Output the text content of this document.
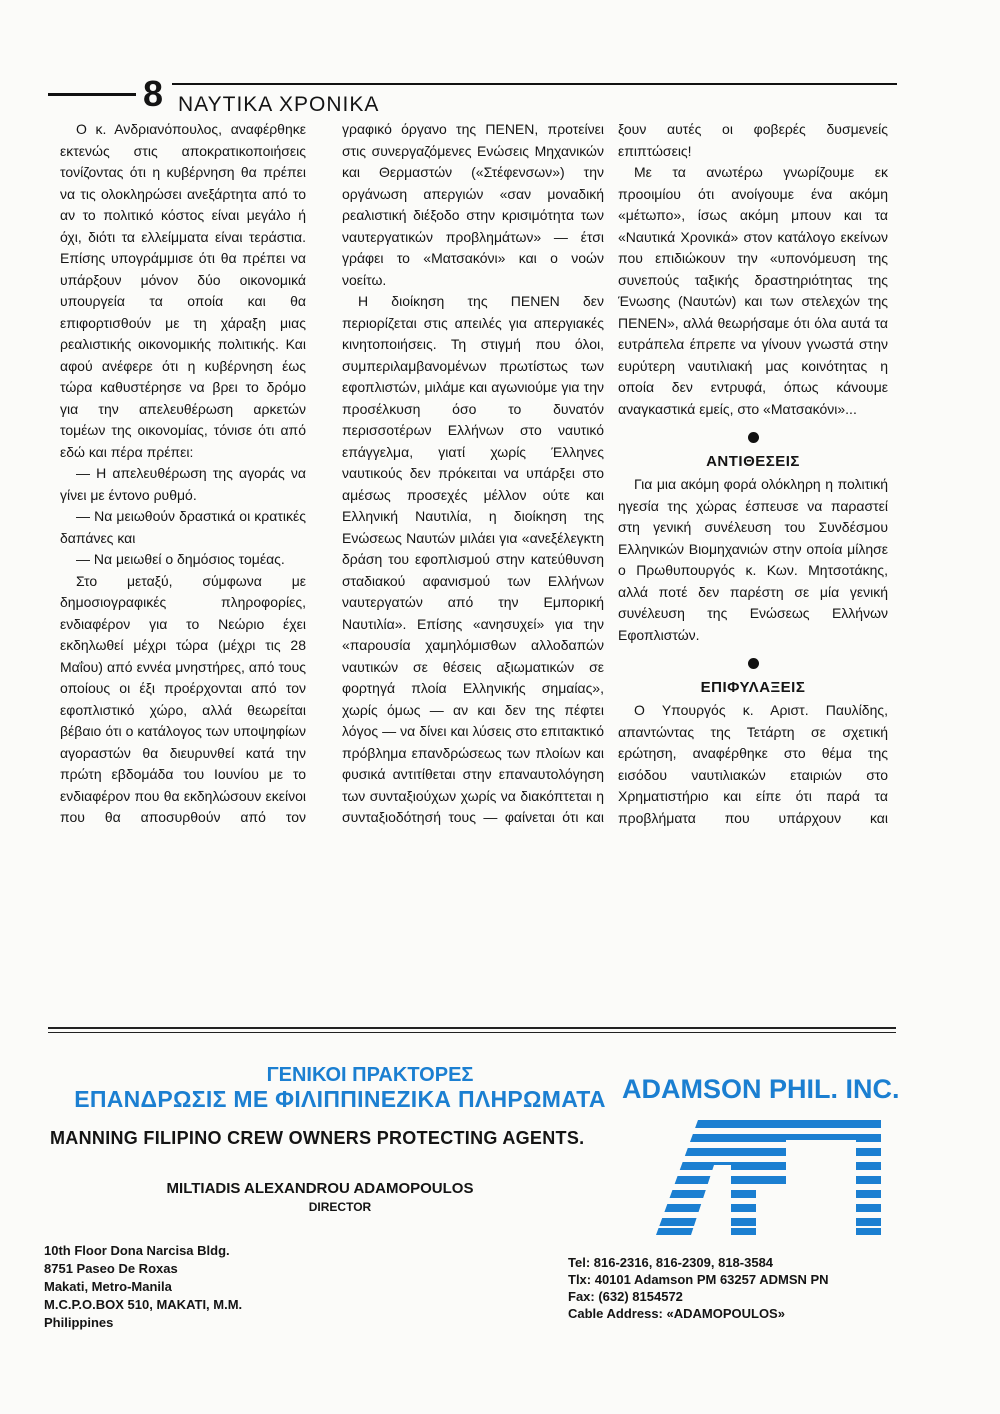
8 ΝΑΥΤΙΚΑ ΧΡΟΝΙΚΑ

Ο κ. Ανδριανόπουλος, αναφέρθηκε εκτενώς στις αποκρατικοποιήσεις τονίζοντας ότι η κυβέρνηση θα πρέπει να τις ολοκληρώσει ανεξάρτητα από το αν το πολιτικό κόστος είναι μεγάλο ή όχι, διότι τα ελλείμματα είναι τεράστια. Επίσης υπογράμμισε ότι θα πρέπει να υπάρξουν μόνον δύο οικονομικά υπουργεία τα οποία και θα επιφορτισθούν με τη χάραξη μιας ρεαλιστικής οικονομικής πολιτικής. Και αφού ανέφερε ότι η κυβέρνηση έως τώρα καθυστέρησε να βρει το δρόμο για την απελευθέρωση αρκετών τομέων της οικονομίας, τόνισε ότι από εδώ και πέρα πρέπει:

— Η απελευθέρωση της αγοράς να γίνει με έντονο ρυθμό.

— Να μειωθούν δραστικά οι κρατικές δαπάνες και

— Να μειωθεί ο δημόσιος τομέας.

Στο μεταξύ, σύμφωνα με δημοσιογραφικές πληροφορίες, ενδιαφέρον για το Νεώριο έχει εκδηλωθεί μέχρι τώρα (μέχρι τις 28 Μαΐου) από εννέα μνηστήρες, από τους οποίους οι έξι προέρχονται από τον εφοπλιστικό χώρο, αλλά θεωρείται βέβαιο ότι ο κατάλογος των υποψηφίων αγοραστών θα διευρυνθεί κατά την πρώτη εβδομάδα του Ιουνίου με το ενδιαφέρον που θα εκδηλώσουν εκείνοι που θα αποσυρθούν από τον

γραφικό όργανο της ΠΕΝΕΝ, προτείνει στις συνεργαζόμενες Ενώσεις Μηχανικών και Θερμαστών («Στέφενσων») την οργάνωση απεργιών «σαν μοναδική ρεαλιστική διέξοδο στην κρισιμότητα των ναυτεργατικών προβλημάτων» — έτσι γράφει το «Ματσακόνι» και ο νοών νοείτω.

Η διοίκηση της ΠΕΝΕΝ δεν περιορίζεται στις απειλές για απεργιακές κινητοποιήσεις. Τη στιγμή που όλοι, συμπεριλαμβανομένων πρωτίστως των εφοπλιστών, μιλάμε και αγωνιούμε για την προσέλκυση όσο το δυνατόν περισσοτέρων Ελλήνων στο ναυτικό επάγγελμα, γιατί χωρίς Έλληνες ναυτικούς δεν πρόκειται να υπάρξει στο αμέσως προσεχές μέλλον ούτε και Ελληνική Ναυτιλία, η διοίκηση της Ενώσεως Ναυτών μιλάει για «ανεξέλεγκτη δράση του εφοπλισμού στην κατεύθυνση σταδιακού αφανισμού των Ελλήνων ναυτεργατών από την Εμπορική Ναυτιλία». Επίσης «ανησυχεί» για την «παρουσία χαμηλόμισθων αλλοδαπών ναυτικών σε θέσεις αξιωματικών σε φορτηγά πλοία Ελληνικής σημαίας», χωρίς όμως — αν και δεν της πέφτει λόγος — να δίνει και λύσεις στο επιτακτικό πρόβλημα επανδρώσεως των πλοίων και φυσικά αντιτίθεται στην επαναυτολόγηση των συνταξιούχων χωρίς να διακόπτεται η συνταξιοδότησή τους — φαίνεται ότι και

ξουν αυτές οι φοβερές δυσμενείς επιπτώσεις!

Με τα ανωτέρω γνωρίζουμε εκ προοιμίου ότι ανοίγουμε ένα ακόμη «μέτωπο», ίσως ακόμη μπουν και τα «Ναυτικά Χρονικά» στον κατάλογο εκείνων που επιδιώκουν την «υπονόμευση της συνεπούς ταξικής δραστηριότητας της Ένωσης (Ναυτών) και των στελεχών της ΠΕΝΕΝ», αλλά θεωρήσαμε ότι όλα αυτά τα ευτράπελα έπρεπε να γίνουν γνωστά στην ευρύτερη ναυτιλιακή μας κοινότητας η οποία δεν εντρυφά, όπως κάνουμε αναγκαστικά εμείς, στο «Ματσακόνι»...

ΑΝΤΙΘΕΣΕΙΣ

Για μια ακόμη φορά ολόκληρη η πολιτική ηγεσία της χώρας έσπευσε να παραστεί στη γενική συνέλευση του Συνδέσμου Ελληνικών Βιομηχανιών στην οποία μίλησε ο Πρωθυπουργός κ. Κων. Μητσοτάκης, αλλά ποτέ δεν παρέστη σε μία γενική συνέλευση της Ενώσεως Ελλήνων Εφοπλιστών.

ΕΠΙΦΥΛΑΞΕΙΣ

Ο Υπουργός κ. Αριστ. Παυλίδης, απαντώντας της Τετάρτη σε σχετική ερώτηση, αναφέρθηκε στο θέμα της εισόδου ναυτιλιακών εταιριών στο Χρηματιστήριο και είπε ότι παρά τα προβλήματα που υπάρχουν και

ΓΕΝΙΚΟΙ ΠΡΑΚΤΟΡΕΣ
ΕΠΑΝΔΡΩΣΙΣ ΜΕ ΦΙΛΙΠΠΙΝΕΖΙΚΑ ΠΛΗΡΩΜΑΤΑ ADAMSON PHIL. INC.
MANNING FILIPINO CREW OWNERS PROTECTING AGENTS.
MILTIADIS ALEXANDROU ADAMOPOULOS
DIRECTOR
10th Floor Dona Narcisa Bldg.
8751 Paseo De Roxas
Makati, Metro-Manila
M.C.P.O.BOX 510, MAKATI, M.M.
Philippines
Tel: 816-2316, 816-2309, 818-3584
Tlx: 40101 Adamson PM 63257 ADMSN PN
Fax: (632) 8154572
Cable Address: «ADAMOPOULOS»
